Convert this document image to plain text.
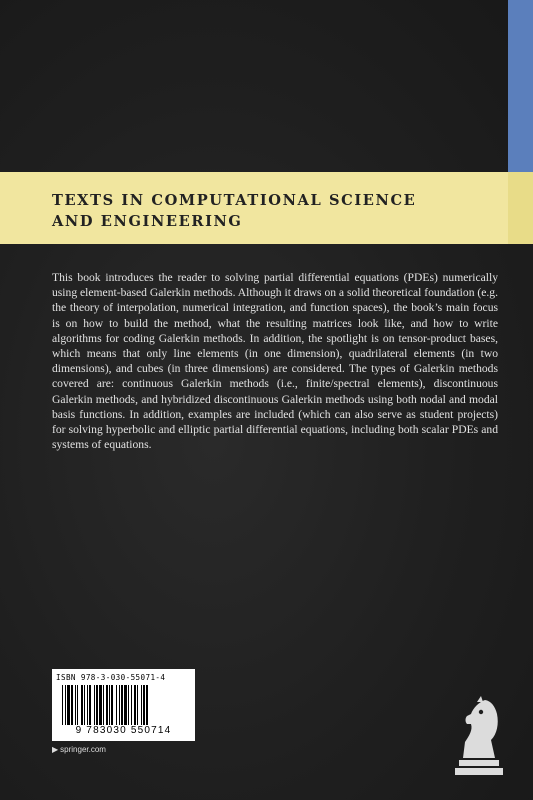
TEXTS IN COMPUTATIONAL SCIENCE
AND ENGINEERING

This book introduces the reader to solving partial differential equations (PDEs) numerically using element-based Galerkin methods. Although it draws on a solid theoretical foundation (e.g. the theory of interpolation, numerical integration, and function spaces), the book’s main focus is on how to build the method, what the resulting matrices look like, and how to write algorithms for coding Galerkin methods. In addition, the spotlight is on tensor-product bases, which means that only line elements (in one dimension), quadrilateral elements (in two dimensions), and cubes (in three dimensions) are considered. The types of Galerkin methods covered are: continuous Galerkin methods (i.e., finite/spectral elements), discontinuous Galerkin methods, and hybridized discontinuous Galerkin methods using both nodal and modal basis functions. In addition, examples are included (which can also serve as student projects) for solving hyperbolic and elliptic partial differential equations, including both scalar PDEs and systems of equations.

ISBN 978-3-030-55071-4
9 783030 550714
▶ springer.com
